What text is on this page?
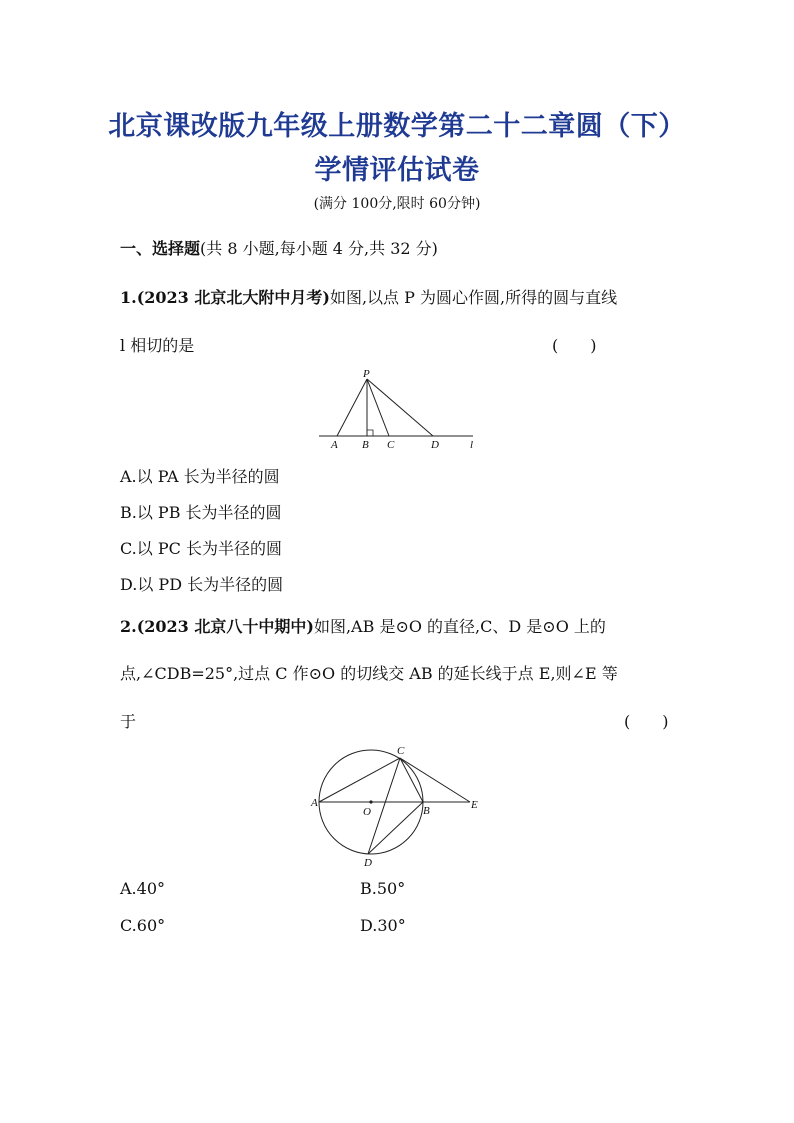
北京课改版九年级上册数学第二十二章圆（下）
学情评估试卷
(满分 100分,限时 60分钟)
一、选择题(共 8 小题,每小题 4 分,共 32 分)
1.(2023 北京北大附中月考)如图,以点 P 为圆心作圆,所得的圆与直线
l 相切的是	(　　)
P
A B C	D	l
A.以 PA 长为半径的圆
B.以 PB 长为半径的圆
C.以 PC 长为半径的圆
D.以 PD 长为半径的圆
2.(2023 北京八十中期中)如图,AB 是⊙O 的直径,C、D 是⊙O 上的
点,∠CDB=25°,过点 C 作⊙O 的切线交 AB 的延长线于点 E,则∠E 等
于	(　　)
C
A
O	B	E
D
A.40°	B.50°
C.60°	D.30°
